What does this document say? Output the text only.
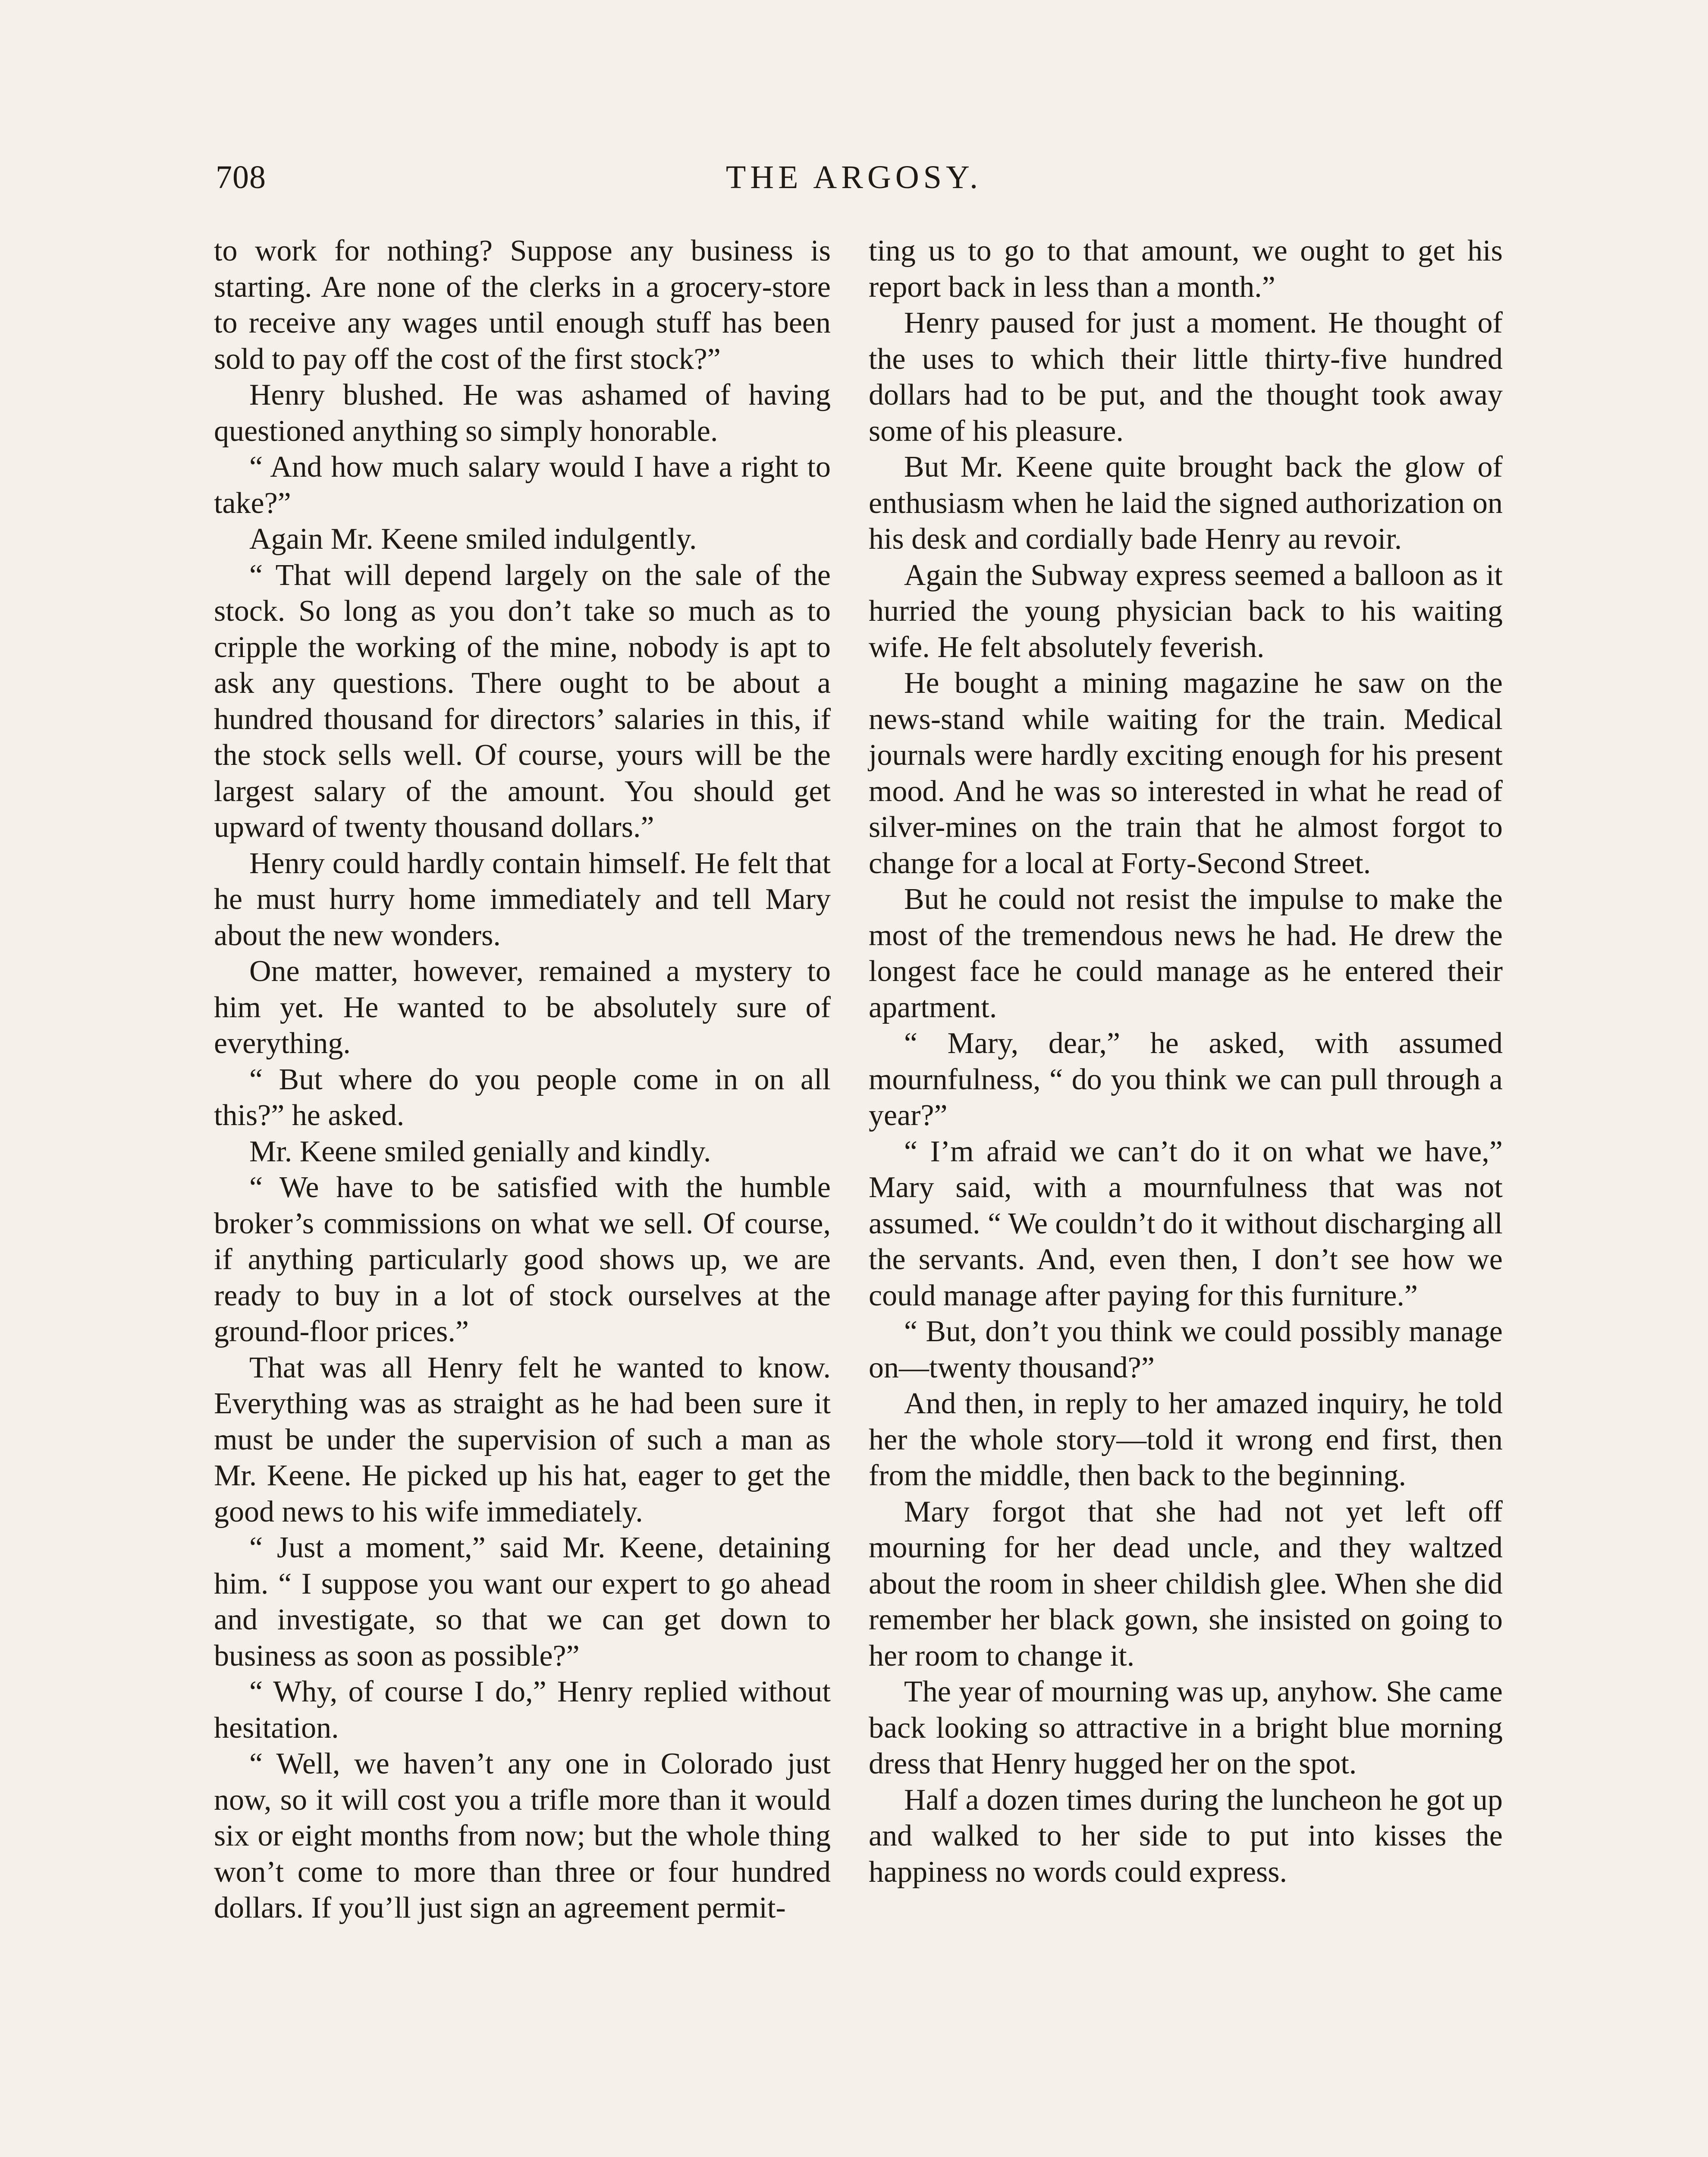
708	THE ARGOSY.

to work for nothing? Suppose any business is starting. Are none of the clerks in a grocery-store to receive any wages until enough stuff has been sold to pay off the cost of the first stock?”

Henry blushed. He was ashamed of having questioned anything so simply honorable.

“ And how much salary would I have a right to take?”

Again Mr. Keene smiled indulgently.

“ That will depend largely on the sale of the stock. So long as you don’t take so much as to cripple the working of the mine, nobody is apt to ask any questions. There ought to be about a hundred thousand for directors’ salaries in this, if the stock sells well. Of course, yours will be the largest salary of the amount. You should get upward of twenty thousand dollars.”

Henry could hardly contain himself. He felt that he must hurry home immediately and tell Mary about the new wonders.

One matter, however, remained a mystery to him yet. He wanted to be absolutely sure of everything.

“ But where do you people come in on all this?” he asked.

Mr. Keene smiled genially and kindly.

“ We have to be satisfied with the humble broker’s commissions on what we sell. Of course, if anything particularly good shows up, we are ready to buy in a lot of stock ourselves at the ground-floor prices.”

That was all Henry felt he wanted to know. Everything was as straight as he had been sure it must be under the supervision of such a man as Mr. Keene. He picked up his hat, eager to get the good news to his wife immediately.

“ Just a moment,” said Mr. Keene, detaining him. “ I suppose you want our expert to go ahead and investigate, so that we can get down to business as soon as possible?”

“ Why, of course I do,” Henry replied without hesitation.

“ Well, we haven’t any one in Colorado just now, so it will cost you a trifle more than it would six or eight months from now; but the whole thing won’t come to more than three or four hundred dollars. If you’ll just sign an agreement permit-

ting us to go to that amount, we ought to get his report back in less than a month.”

Henry paused for just a moment. He thought of the uses to which their little thirty-five hundred dollars had to be put, and the thought took away some of his pleasure.

But Mr. Keene quite brought back the glow of enthusiasm when he laid the signed authorization on his desk and cordially bade Henry au revoir.

Again the Subway express seemed a balloon as it hurried the young physician back to his waiting wife. He felt absolutely feverish.

He bought a mining magazine he saw on the news-stand while waiting for the train. Medical journals were hardly exciting enough for his present mood. And he was so interested in what he read of silver-mines on the train that he almost forgot to change for a local at Forty-Second Street.

But he could not resist the impulse to make the most of the tremendous news he had. He drew the longest face he could manage as he entered their apartment.

“ Mary, dear,” he asked, with assumed mournfulness, “ do you think we can pull through a year?”

“ I’m afraid we can’t do it on what we have,” Mary said, with a mournfulness that was not assumed. “ We couldn’t do it without discharging all the servants. And, even then, I don’t see how we could manage after paying for this furniture.”

“ But, don’t you think we could possibly manage on—twenty thousand?”

And then, in reply to her amazed inquiry, he told her the whole story—told it wrong end first, then from the middle, then back to the beginning.

Mary forgot that she had not yet left off mourning for her dead uncle, and they waltzed about the room in sheer childish glee. When she did remember her black gown, she insisted on going to her room to change it.

The year of mourning was up, anyhow. She came back looking so attractive in a bright blue morning dress that Henry hugged her on the spot.

Half a dozen times during the luncheon he got up and walked to her side to put into kisses the happiness no words could express.
